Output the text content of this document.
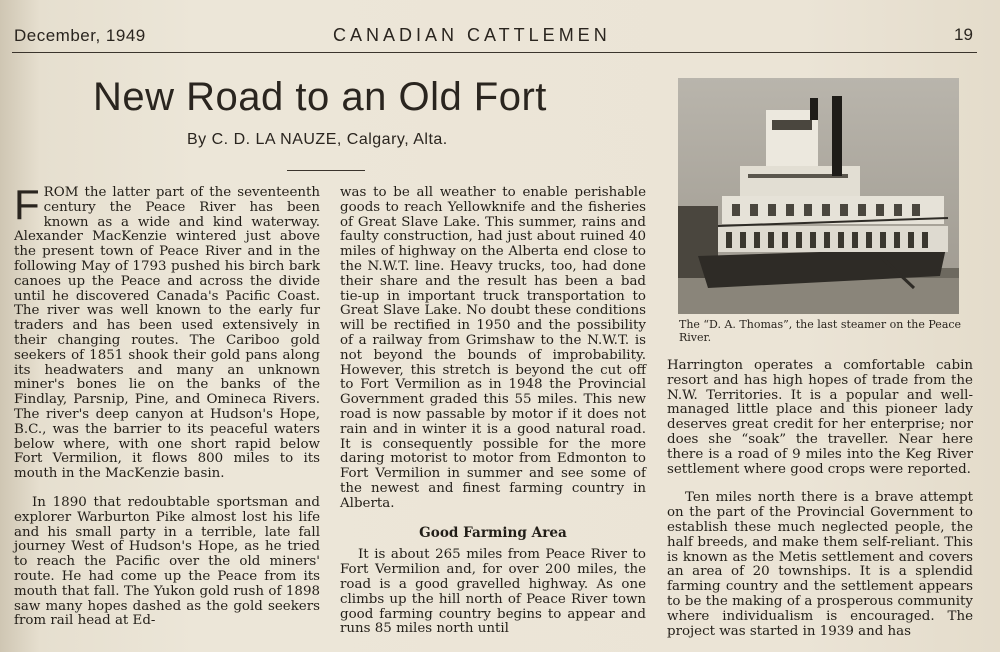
December, 1949	CANADIAN CATTLEMEN	19
New Road to an Old Fort
By C. D. LA NAUZE, Calgary, Alta.

FROM the latter part of the seventeenth century the Peace River has been known as a wide and kind waterway. Alexander MacKenzie wintered just above the present town of Peace River and in the following May of 1793 pushed his birch bark canoes up the Peace and across the divide until he discovered Canada's Pacific Coast. The river was well known to the early fur traders and has been used extensively in their changing routes. The Cariboo gold seekers of 1851 shook their gold pans along its headwaters and many an unknown miner's bones lie on the banks of the Findlay, Parsnip, Pine, and Omineca Rivers. The river's deep canyon at Hudson's Hope, B.C., was the barrier to its peaceful waters below where, with one short rapid below Fort Vermilion, it flows 800 miles to its mouth in the MacKenzie basin.

In 1890 that redoubtable sportsman and explorer Warburton Pike almost lost his life and his small party in a terrible, late fall journey West of Hudson's Hope, as he tried to reach the Pacific over the old miners' route. He had come up the Peace from its mouth that fall. The Yukon gold rush of 1898 saw many hopes dashed as the gold seekers from rail head at Ed-

was to be all weather to enable perishable goods to reach Yellowknife and the fisheries of Great Slave Lake. This summer, rains and faulty construction, had just about ruined 40 miles of highway on the Alberta end close to the N.W.T. line. Heavy trucks, too, had done their share and the result has been a bad tie-up in important truck transportation to Great Slave Lake. No doubt these conditions will be rectified in 1950 and the possibility of a railway from Grimshaw to the N.W.T. is not beyond the bounds of improbability. However, this stretch is beyond the cut off to Fort Vermilion as in 1948 the Provincial Government graded this 55 miles. This new road is now passable by motor if it does not rain and in winter it is a good natural road. It is consequently possible for the more daring motorist to motor from Edmonton to Fort Vermilion in summer and see some of the newest and finest farming country in Alberta.

Good Farming Area

It is about 265 miles from Peace River to Fort Vermilion and, for over 200 miles, the road is a good gravelled highway. As one climbs up the hill north of Peace River town good farming country begins to appear and runs 85 miles north until

The “D. A. Thomas”, the last steamer on the Peace River.

Harrington operates a comfortable cabin resort and has high hopes of trade from the N.W. Territories. It is a popular and well-managed little place and this pioneer lady deserves great credit for her enterprise; nor does she “soak” the traveller. Near here there is a road of 9 miles into the Keg River settlement where good crops were reported.

Ten miles north there is a brave attempt on the part of the Provincial Government to establish these much neglected people, the half breeds, and make them self-reliant. This is known as the Metis settlement and covers an area of 20 townships. It is a splendid farming country and the settlement appears to be the making of a prosperous community where individualism is encouraged. The project was started in 1939 and has
